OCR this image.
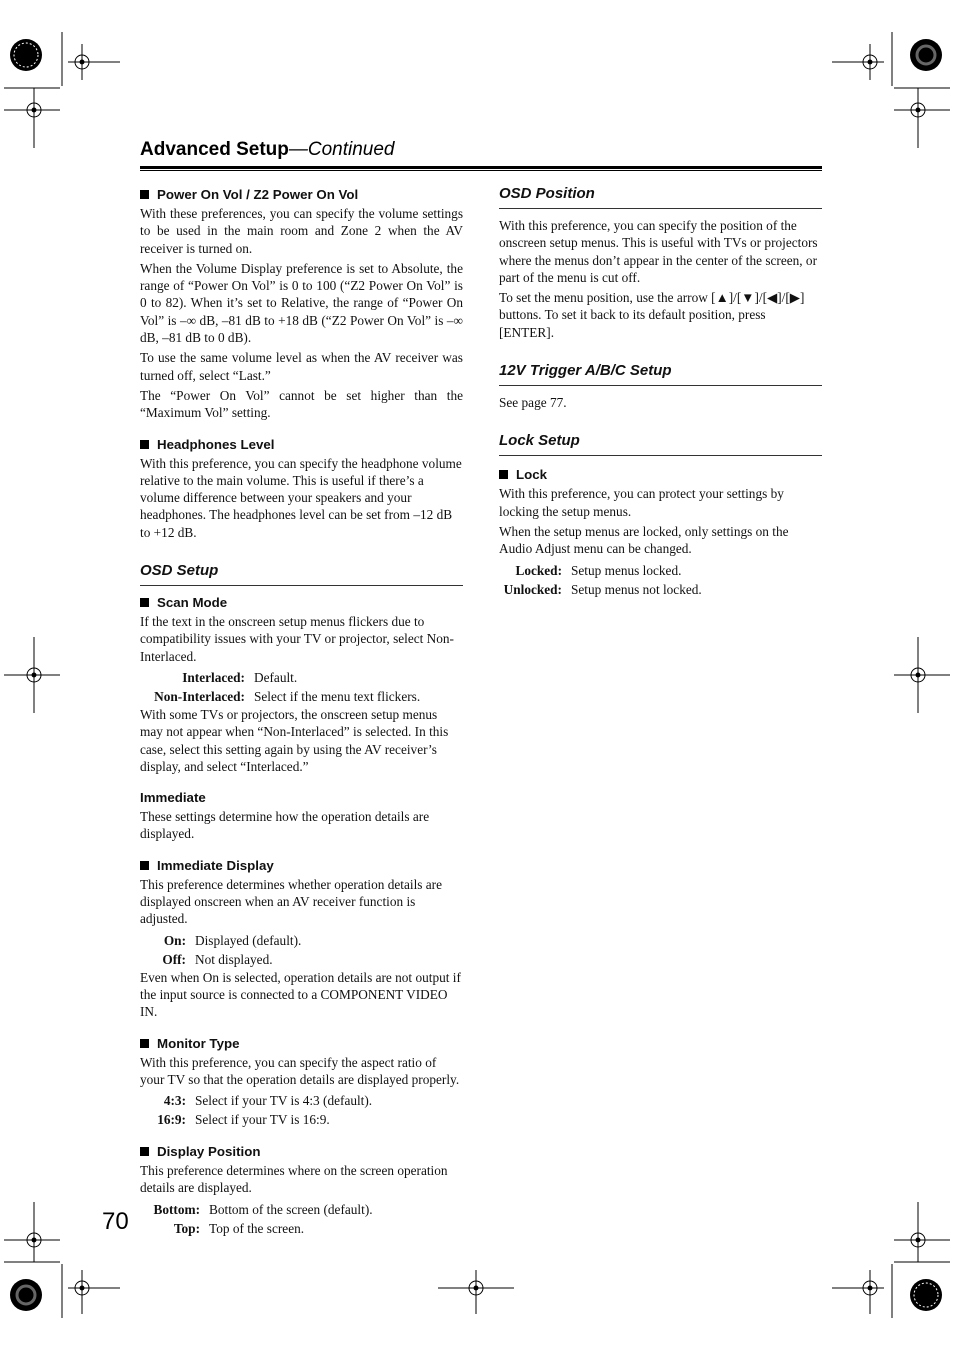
Advanced Setup—Continued
Power On Vol / Z2 Power On Vol

With these preferences, you can specify the volume settings to be used in the main room and Zone 2 when the AV receiver is turned on.

When the Volume Display preference is set to Absolute, the range of “Power On Vol” is 0 to 100 (“Z2 Power On Vol” is 0 to 82). When it’s set to Relative, the range of “Power On Vol” is –∞ dB, –81 dB to +18 dB (“Z2 Power On Vol” is –∞ dB, –81 dB to 0 dB).

To use the same volume level as when the AV receiver was turned off, select “Last.”

The “Power On Vol” cannot be set higher than the “Maximum Vol” setting.

Headphones Level

With this preference, you can specify the headphone volume relative to the main volume. This is useful if there’s a volume difference between your speakers and your headphones. The headphones level can be set from –12 dB to +12 dB.

OSD Setup
Scan Mode

If the text in the onscreen setup menus flickers due to compatibility issues with your TV or projector, select Non-Interlaced.

Interlaced: Default.
Non-Interlaced: Select if the menu text flickers.

With some TVs or projectors, the onscreen setup menus may not appear when “Non-Interlaced” is selected. In this case, select this setting again by using the AV receiver’s display, and select “Interlaced.”

Immediate

These settings determine how the operation details are displayed.

Immediate Display

This preference determines whether operation details are displayed onscreen when an AV receiver function is adjusted.

On: Displayed (default).
Off: Not displayed.

Even when On is selected, operation details are not output if the input source is connected to a COMPONENT VIDEO IN.

Monitor Type

With this preference, you can specify the aspect ratio of your TV so that the operation details are displayed properly.

4:3: Select if your TV is 4:3 (default).
16:9: Select if your TV is 16:9.
Display Position

This preference determines where on the screen operation details are displayed.

Bottom: Bottom of the screen (default).
Top: Top of the screen.
OSD Position

With this preference, you can specify the position of the onscreen setup menus. This is useful with TVs or projectors where the menus don’t appear in the center of the screen, or part of the menu is cut off.

To set the menu position, use the arrow [▲]/[▼]/[◀]/[▶] buttons. To set it back to its default position, press [ENTER].

12V Trigger A/B/C Setup

See page 77.

Lock Setup
Lock

With this preference, you can protect your settings by locking the setup menus.

When the setup menus are locked, only settings on the Audio Adjust menu can be changed.

Locked: Setup menus locked.
Unlocked: Setup menus not locked.
70
